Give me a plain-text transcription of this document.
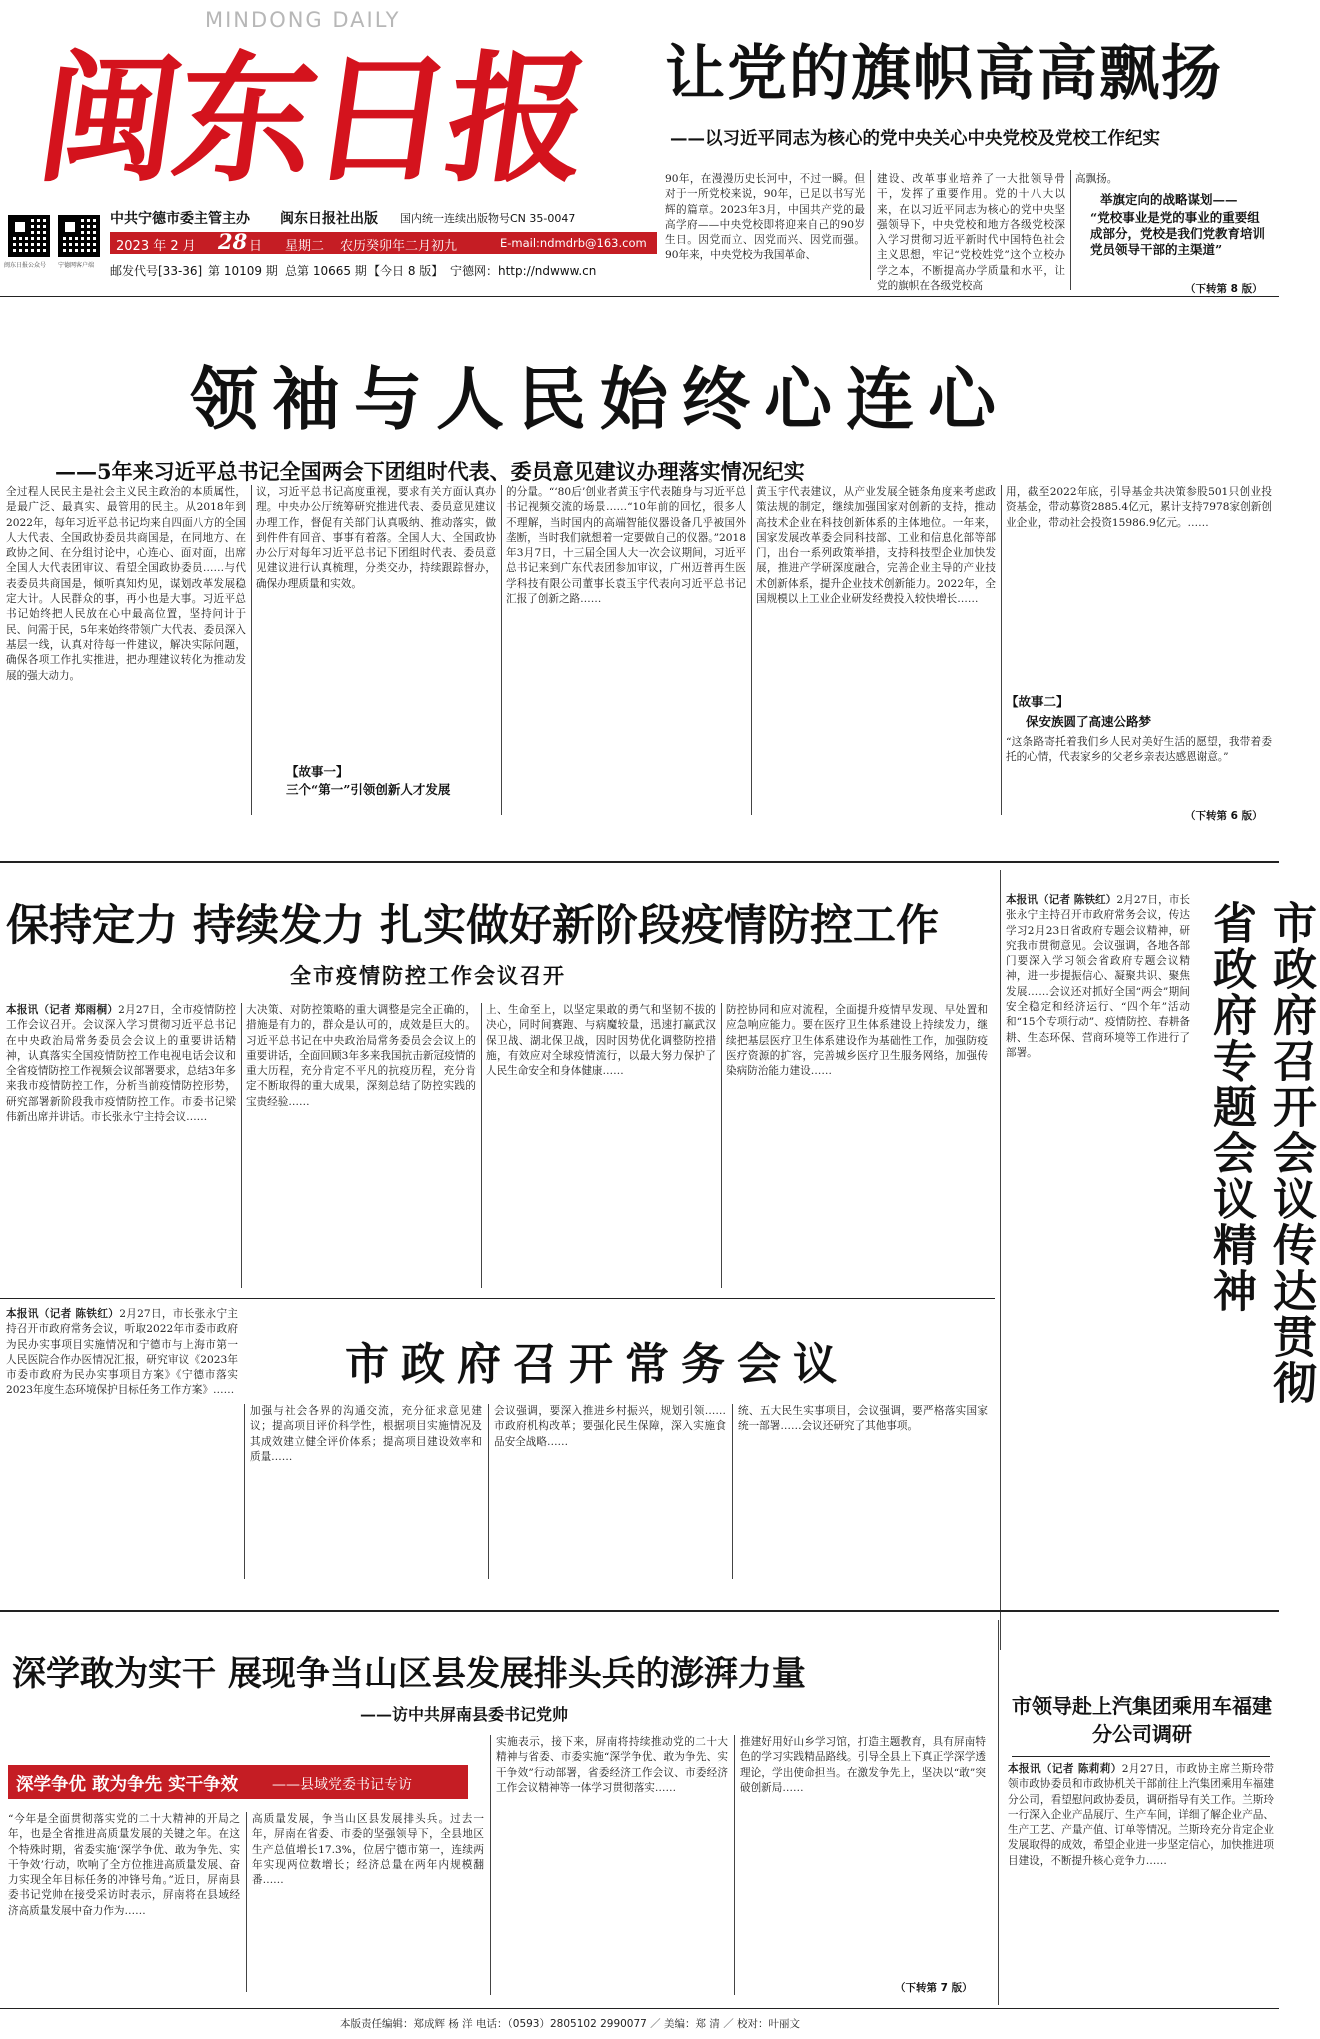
MINDONG DAILY
闽东日报
中共宁德市委主管主办 闽东日报社出版 国内统一连续出版物号CN 35-0047
2023 年 2 月 28 日 星期二 农历癸卯年二月初九	E-mail:ndmdrb@163.com
邮发代号[33-36] 第 10109 期 总第 10665 期 【今日 8 版】 宁德网：http://ndwww.cn
闽东日报公众号 宁德网客户端
让党的旗帜高高飘扬
——以习近平同志为核心的党中央关心中央党校及党校工作纪实
90年，在漫漫历史长河中，不过一瞬。但对于一所党校来说，90年，已足以书写光辉的篇章。2023年3月，中国共产党的最高学府——中央党校即将迎来自己的90岁生日。因党而立、因党而兴、因党而强。90年来，中央党校为我国革命、
建设、改革事业培养了一大批领导骨干，发挥了重要作用。党的十八大以来，在以习近平同志为核心的党中央坚强领导下，中央党校和地方各级党校深入学习贯彻习近平新时代中国特色社会主义思想，牢记“党校姓党”这个立校办学之本，不断提高办学质量和水平，让党的旗帜在各级党校高
高飘扬。
举旗定向的战略谋划——
“党校事业是党的事业的重要组成部分，党校是我们党教育培训党员领导干部的主渠道”
（下转第 8 版）
领袖与人民始终心连心
——5年来习近平总书记全国两会下团组时代表、委员意见建议办理落实情况纪实
全过程人民民主是社会主义民主政治的本质属性，是最广泛、最真实、最管用的民主。从2018年到2022年，每年习近平总书记均来自四面八方的全国人大代表、全国政协委员共商国是，在同地方、在政协之间、在分组讨论中，心连心、面对面，出席全国人大代表团审议、看望全国政协委员……与代表委员共商国是，倾听真知灼见，谋划改革发展稳定大计。人民群众的事，再小也是大事。习近平总书记始终把人民放在心中最高位置，坚持问计于民、问需于民，5年来始终带领广大代表、委员深入基层一线，认真对待每一件建议，解决实际问题，确保各项工作扎实推进，把办理建议转化为推动发展的强大动力。
议，习近平总书记高度重视，要求有关方面认真办理。中央办公厅统筹研究推进代表、委员意见建议办理工作，督促有关部门认真吸纳、推动落实，做到件件有回音、事事有着落。全国人大、全国政协办公厅对每年习近平总书记下团组时代表、委员意见建议进行认真梳理，分类交办，持续跟踪督办，确保办理质量和实效。
【故事一】
三个“第一”引领创新人才发展
的分量。“‘80后’创业者黄玉宇代表随身与习近平总书记视频交流的场景……“10年前的回忆，很多人不理解，当时国内的高端智能仪器设备几乎被国外垄断，当时我们就想着一定要做自己的仪器。”2018年3月7日，十三届全国人大一次会议期间，习近平总书记来到广东代表团参加审议，广州迈普再生医学科技有限公司董事长袁玉宇代表向习近平总书记汇报了创新之路……
黄玉宇代表建议，从产业发展全链条角度来考虑政策法规的制定，继续加强国家对创新的支持，推动高技术企业在科技创新体系的主体地位。一年来，国家发展改革委会同科技部、工业和信息化部等部门，出台一系列政策举措，支持科技型企业加快发展，推进产学研深度融合，完善企业主导的产业技术创新体系，提升企业技术创新能力。2022年，全国规模以上工业企业研发经费投入较快增长……
用，截至2022年底，引导基金共决策参股501只创业投资基金，带动募资2885.4亿元，累计支持7978家创新创业企业，带动社会投资15986.9亿元。……
【故事二】
保安族圆了高速公路梦
“这条路寄托着我们乡人民对美好生活的愿望，我带着委托的心情，代表家乡的父老乡亲表达感恩谢意。”
（下转第 6 版）
保持定力 持续发力 扎实做好新阶段疫情防控工作
全市疫情防控工作会议召开
本报讯（记者 郑雨桐）2月27日，全市疫情防控工作会议召开。会议深入学习贯彻习近平总书记在中央政治局常务委员会会议上的重要讲话精神，认真落实全国疫情防控工作电视电话会议和全省疫情防控工作视频会议部署要求，总结3年多来我市疫情防控工作，分析当前疫情防控形势，研究部署新阶段我市疫情防控工作。市委书记梁伟新出席并讲话。市长张永宁主持会议……
大决策、对防控策略的重大调整是完全正确的，措施是有力的，群众是认可的，成效是巨大的。习近平总书记在中央政治局常务委员会会议上的重要讲话，全面回顾3年多来我国抗击新冠疫情的重大历程，充分肯定不平凡的抗疫历程，充分肯定不断取得的重大成果，深刻总结了防控实践的宝贵经验……
上、生命至上，以坚定果敢的勇气和坚韧不拔的决心，同时间赛跑、与病魔较量，迅速打赢武汉保卫战、湖北保卫战，因时因势优化调整防控措施，有效应对全球疫情流行，以最大努力保护了人民生命安全和身体健康……
防控协同和应对流程，全面提升疫情早发现、早处置和应急响应能力。要在医疗卫生体系建设上持续发力，继续把基层医疗卫生体系建设作为基础性工作，加强防疫医疗资源的扩容，完善城乡医疗卫生服务网络，加强传染病防治能力建设……	市政府召开会议传达贯彻省政府专题会议精神
本报讯（记者 陈铁红）2月27日，市长张永宁主持召开市政府常务会议，传达学习2月23日省政府专题会议精神，研究我市贯彻意见。会议强调，各地各部门要深入学习领会省政府专题会议精神，进一步提振信心、凝聚共识、聚焦发展……会议还对抓好全国“两会”期间安全稳定和经济运行、“四个年”活动和“15个专项行动”、疫情防控、春耕备耕、生态环保、营商环境等工作进行了部署。
市政府召开常务会议
本报讯（记者 陈铁红）2月27日，市长张永宁主持召开市政府常务会议，听取2022年市委市政府为民办实事项目实施情况和宁德市与上海市第一人民医院合作办医情况汇报，研究审议《2023年市委市政府为民办实事项目方案》《宁德市落实2023年度生态环境保护目标任务工作方案》……
加强与社会各界的沟通交流，充分征求意见建议；提高项目评价科学性，根据项目实施情况及其成效建立健全评价体系；提高项目建设效率和质量……
会议强调，要深入推进乡村振兴，规划引领……市政府机构改革；要强化民生保障，深入实施食品安全战略……
统、五大民生实事项目，会议强调，要严格落实国家统一部署……会议还研究了其他事项。
深学敢为实干 展现争当山区县发展排头兵的澎湃力量
——访中共屏南县委书记党帅
深学争优 敢为争先 实干争效 ——县域党委书记专访
“今年是全面贯彻落实党的二十大精神的开局之年，也是全省推进高质量发展的关键之年。在这个特殊时期，省委实施‘深学争优、敢为争先、实干争效’行动，吹响了全方位推进高质量发展、奋力实现全年目标任务的冲锋号角。”近日，屏南县委书记党帅在接受采访时表示，屏南将在县域经济高质量发展中奋力作为……
高质量发展，争当山区县发展排头兵。过去一年，屏南在省委、市委的坚强领导下，全县地区生产总值增长17.3%，位居宁德市第一，连续两年实现两位数增长；经济总量在两年内规模翻番……
实施表示，接下来，屏南将持续推动党的二十大精神与省委、市委实施“深学争优、敢为争先、实干争效”行动部署，省委经济工作会议、市委经济工作会议精神等一体学习贯彻落实……
推建好用好山乡学习馆，打造主题教育，具有屏南特色的学习实践精品路线。引导全县上下真正学深学透理论，学出使命担当。在激发争先上，坚决以“敢”突破创新局……
（下转第 7 版）
市领导赴上汽集团乘用车福建分公司调研
本报讯（记者 陈莉莉）2月27日，市政协主席兰斯玲带领市政协委员和市政协机关干部前往上汽集团乘用车福建分公司，看望慰问政协委员，调研指导有关工作。兰斯玲一行深入企业产品展厅、生产车间，详细了解企业产品、生产工艺、产量产值、订单等情况。兰斯玲充分肯定企业发展取得的成效，希望企业进一步坚定信心，加快推进项目建设，不断提升核心竞争力……
本版责任编辑：郑成辉 杨 洋 电话：（0593）2805102 2990077 ／ 美编：郑 清 ／ 校对：叶丽文
